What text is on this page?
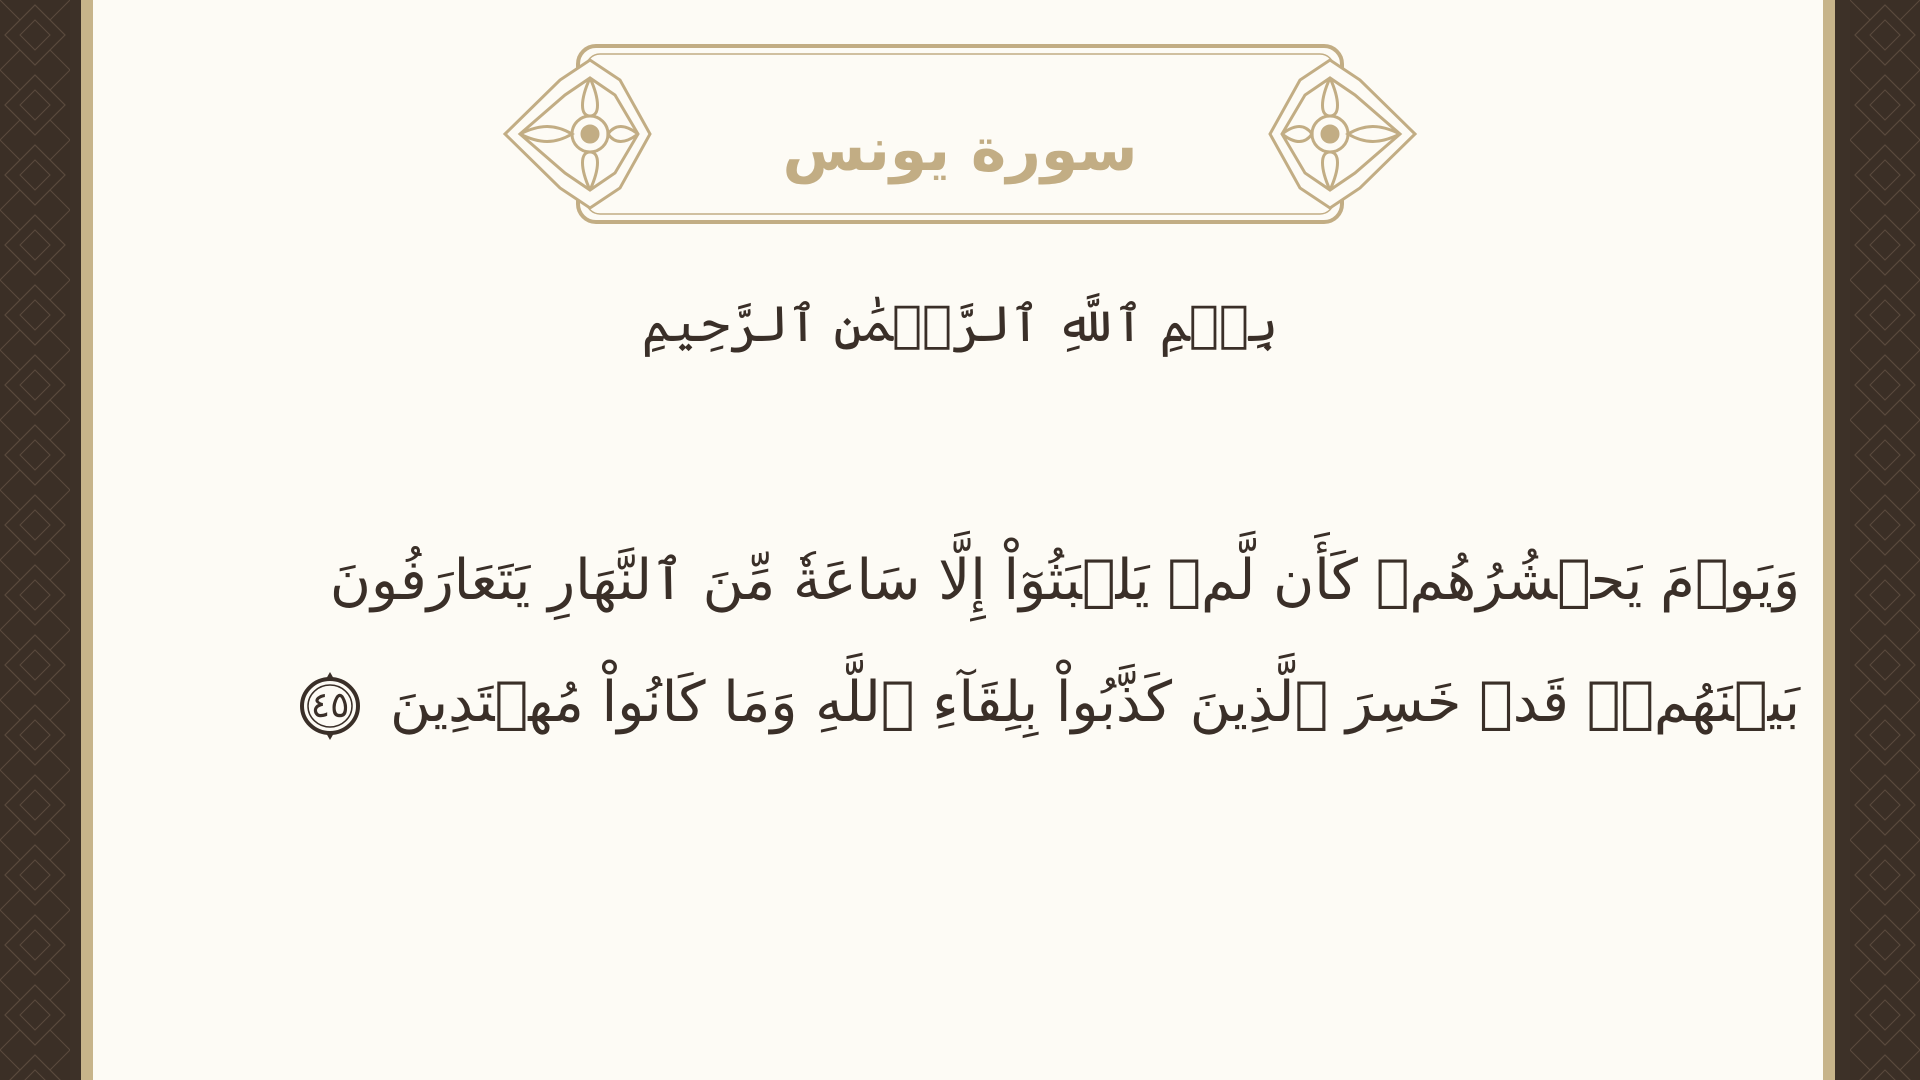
سورة يونس
بِسۡمِ ٱللَّهِ ٱلرَّحۡمَٰنِ ٱلرَّحِيمِ
وَيَوۡمَ يَحۡشُرُهُمۡ كَأَن لَّمۡ يَلۡبَثُوٓاْ إِلَّا سَاعَةٗ مِّنَ ٱلنَّهَارِ يَتَعَارَفُونَ
بَيۡنَهُمۡۚ قَدۡ خَسِرَ ٱلَّذِينَ كَذَّبُواْ بِلِقَآءِ ٱللَّهِ وَمَا كَانُواْ مُهۡتَدِينَ
٤٥
